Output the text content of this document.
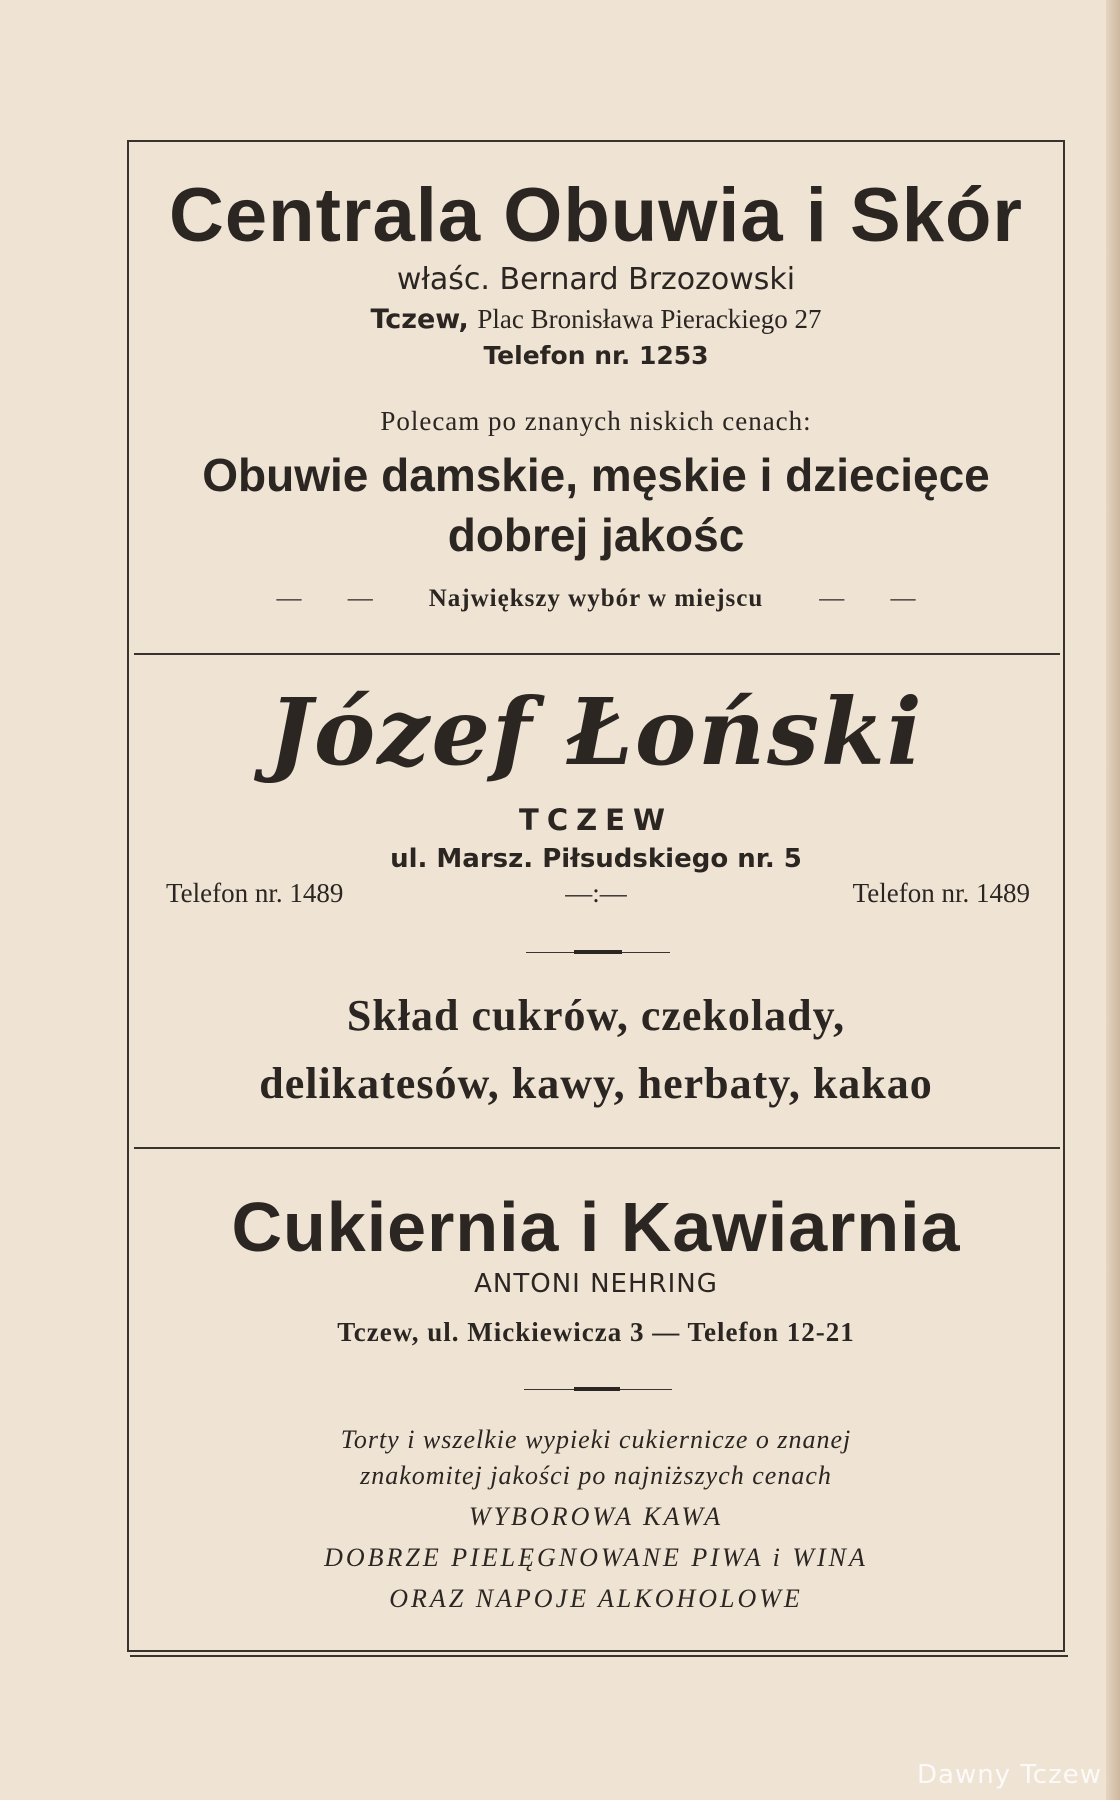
Centrala Obuwia i Skór
właśc. Bernard Brzozowski
Tczew, Plac Bronisława Pierackiego 27
Telefon nr. 1253
Polecam po znanych niskich cenach:
Obuwie damskie, męskie i dziecięce
dobrej jakośc
— — Największy wybór w miejscu — —
Józef Łoński
TCZEW
ul. Marsz. Piłsudskiego nr. 5
Telefon nr. 1489	—:—	Telefon nr. 1489
Skład cukrów, czekolady,
delikatesów, kawy, herbaty, kakao
Cukiernia i Kawiarnia
ANTONI NEHRING
Tczew, ul. Mickiewicza 3 — Telefon 12-21
Torty i wszelkie wypieki cukiernicze o znanej
znakomitej jakości po najniższych cenach
WYBOROWA KAWA
DOBRZE PIELĘGNOWANE PIWA i WINA
ORAZ NAPOJE ALKOHOLOWE
Dawny Tczew
